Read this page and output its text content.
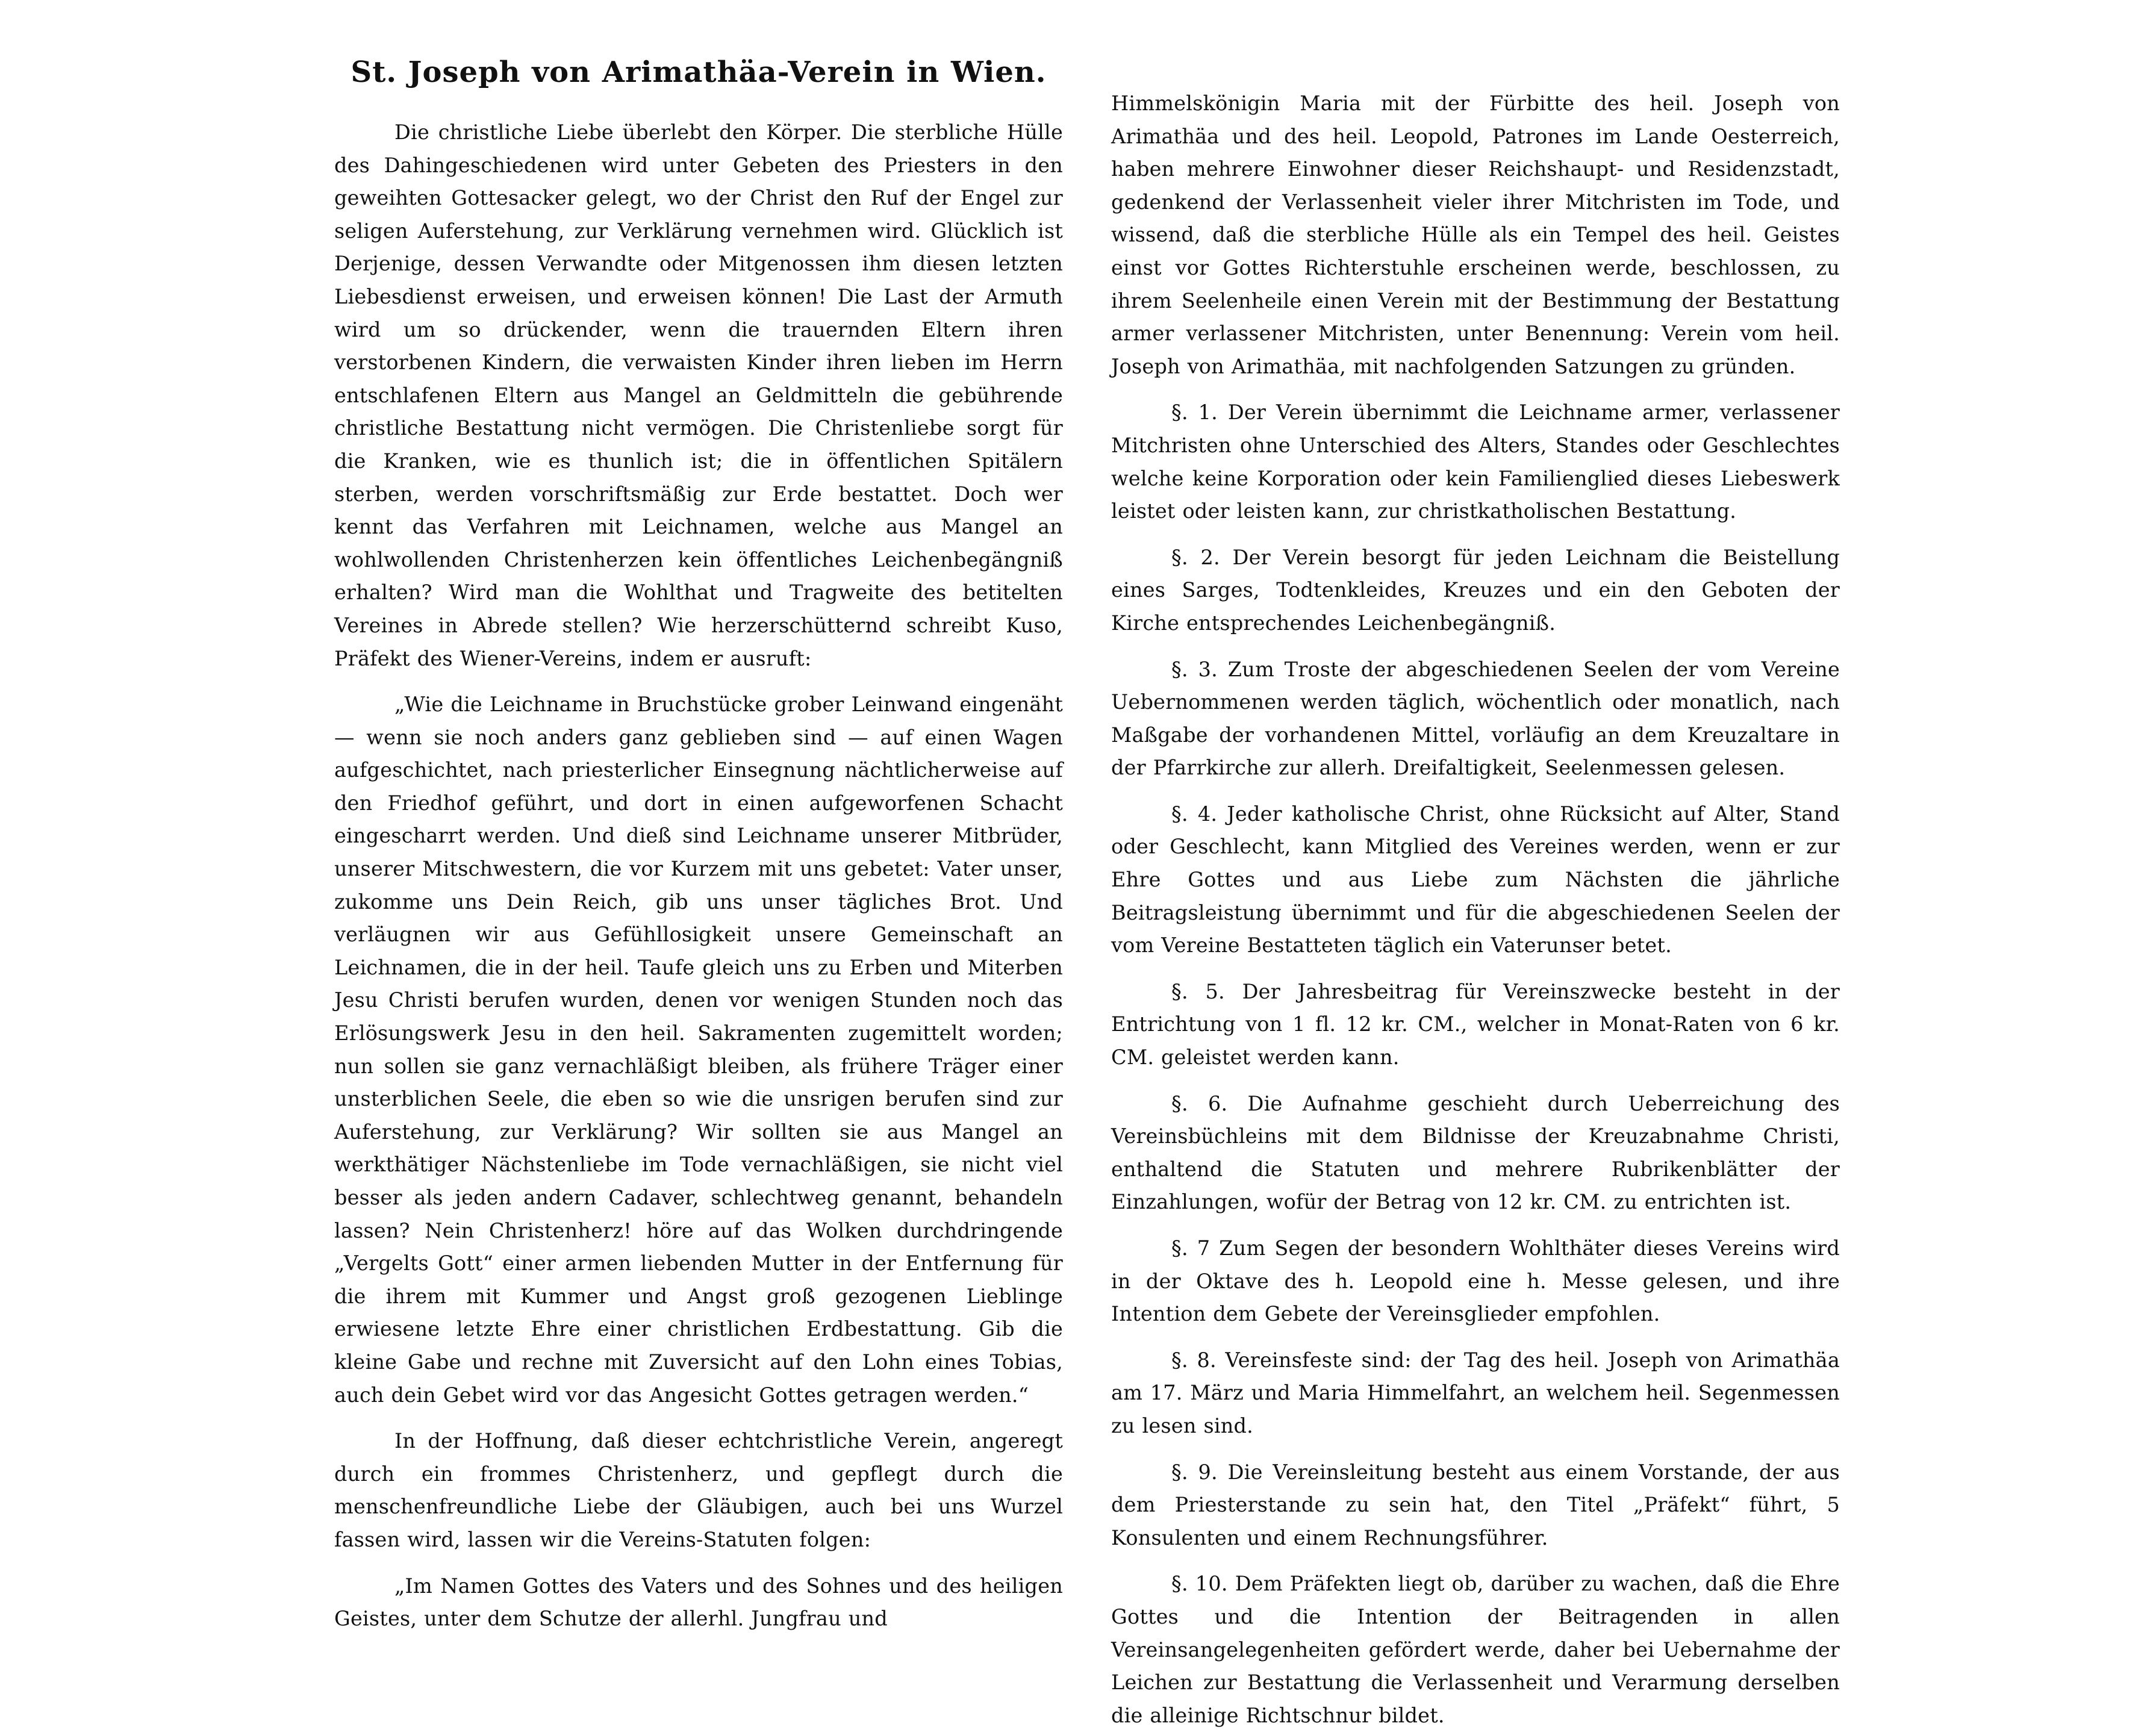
St. Joseph von Arimathäa-Verein in Wien.

Die christliche Liebe überlebt den Körper. Die sterbliche Hülle des Dahingeschiedenen wird unter Gebeten des Priesters in den geweihten Gottesacker gelegt, wo der Christ den Ruf der Engel zur seligen Auferstehung, zur Verklärung vernehmen wird. Glücklich ist Derjenige, dessen Verwandte oder Mitgenossen ihm diesen letzten Liebesdienst erweisen, und erweisen können! Die Last der Armuth wird um so drückender, wenn die trauernden Eltern ihren verstorbenen Kindern, die verwaisten Kinder ihren lieben im Herrn entschlafenen Eltern aus Mangel an Geldmitteln die gebührende christliche Bestattung nicht vermögen. Die Christenliebe sorgt für die Kranken, wie es thunlich ist; die in öffentlichen Spitälern sterben, werden vorschriftsmäßig zur Erde bestattet. Doch wer kennt das Verfahren mit Leichnamen, welche aus Mangel an wohlwollenden Christenherzen kein öffentliches Leichenbegängniß erhalten? Wird man die Wohlthat und Tragweite des betitelten Vereines in Abrede stellen? Wie herzerschütternd schreibt Kuso, Präfekt des Wiener-Vereins, indem er ausruft:

„Wie die Leichname in Bruchstücke grober Leinwand eingenäht — wenn sie noch anders ganz geblieben sind — auf einen Wagen aufgeschichtet, nach priesterlicher Einsegnung nächtlicherweise auf den Friedhof geführt, und dort in einen aufgeworfenen Schacht eingescharrt werden. Und dieß sind Leichname unserer Mitbrüder, unserer Mitschwestern, die vor Kurzem mit uns gebetet: Vater unser, zukomme uns Dein Reich, gib uns unser tägliches Brot. Und verläugnen wir aus Gefühllosigkeit unsere Gemeinschaft an Leichnamen, die in der heil. Taufe gleich uns zu Erben und Miterben Jesu Christi berufen wurden, denen vor wenigen Stunden noch das Erlösungswerk Jesu in den heil. Sakramenten zugemittelt worden; nun sollen sie ganz vernachläßigt bleiben, als frühere Träger einer unsterblichen Seele, die eben so wie die unsrigen berufen sind zur Auferstehung, zur Verklärung? Wir sollten sie aus Mangel an werkthätiger Nächstenliebe im Tode vernachläßigen, sie nicht viel besser als jeden andern Cadaver, schlechtweg genannt, behandeln lassen? Nein Christenherz! höre auf das Wolken durchdringende „Vergelts Gott“ einer armen liebenden Mutter in der Entfernung für die ihrem mit Kummer und Angst groß gezogenen Lieblinge erwiesene letzte Ehre einer christlichen Erdbestattung. Gib die kleine Gabe und rechne mit Zuversicht auf den Lohn eines Tobias, auch dein Gebet wird vor das Angesicht Gottes getragen werden.“

In der Hoffnung, daß dieser echtchristliche Verein, angeregt durch ein frommes Christenherz, und gepflegt durch die menschenfreundliche Liebe der Gläubigen, auch bei uns Wurzel fassen wird, lassen wir die Vereins-Statuten folgen:

„Im Namen Gottes des Vaters und des Sohnes und des heiligen Geistes, unter dem Schutze der allerhl. Jungfrau und

Himmelskönigin Maria mit der Fürbitte des heil. Joseph von Arimathäa und des heil. Leopold, Patrones im Lande Oesterreich, haben mehrere Einwohner dieser Reichshaupt- und Residenzstadt, gedenkend der Verlassenheit vieler ihrer Mitchristen im Tode, und wissend, daß die sterbliche Hülle als ein Tempel des heil. Geistes einst vor Gottes Richterstuhle erscheinen werde, beschlossen, zu ihrem Seelenheile einen Verein mit der Bestimmung der Bestattung armer verlassener Mitchristen, unter Benennung: Verein vom heil. Joseph von Arimathäa, mit nachfolgenden Satzungen zu gründen.

§. 1. Der Verein übernimmt die Leichname armer, verlassener Mitchristen ohne Unterschied des Alters, Standes oder Geschlechtes welche keine Korporation oder kein Familienglied dieses Liebeswerk leistet oder leisten kann, zur christkatholischen Bestattung.

§. 2. Der Verein besorgt für jeden Leichnam die Beistellung eines Sarges, Todtenkleides, Kreuzes und ein den Geboten der Kirche entsprechendes Leichenbegängniß.

§. 3. Zum Troste der abgeschiedenen Seelen der vom Vereine Uebernommenen werden täglich, wöchentlich oder monatlich, nach Maßgabe der vorhandenen Mittel, vorläufig an dem Kreuzaltare in der Pfarrkirche zur allerh. Dreifaltigkeit, Seelenmessen gelesen.

§. 4. Jeder katholische Christ, ohne Rücksicht auf Alter, Stand oder Geschlecht, kann Mitglied des Vereines werden, wenn er zur Ehre Gottes und aus Liebe zum Nächsten die jährliche Beitragsleistung übernimmt und für die abgeschiedenen Seelen der vom Vereine Bestatteten täglich ein Vaterunser betet.

§. 5. Der Jahresbeitrag für Vereinszwecke besteht in der Entrichtung von 1 fl. 12 kr. CM., welcher in Monat-Raten von 6 kr. CM. geleistet werden kann.

§. 6. Die Aufnahme geschieht durch Ueberreichung des Vereinsbüchleins mit dem Bildnisse der Kreuzabnahme Christi, enthaltend die Statuten und mehrere Rubrikenblätter der Einzahlungen, wofür der Betrag von 12 kr. CM. zu entrichten ist.

§. 7 Zum Segen der besondern Wohlthäter dieses Vereins wird in der Oktave des h. Leopold eine h. Messe gelesen, und ihre Intention dem Gebete der Vereinsglieder empfohlen.

§. 8. Vereinsfeste sind: der Tag des heil. Joseph von Arimathäa am 17. März und Maria Himmelfahrt, an welchem heil. Segenmessen zu lesen sind.

§. 9. Die Vereinsleitung besteht aus einem Vorstande, der aus dem Priesterstande zu sein hat, den Titel „Präfekt“ führt, 5 Konsulenten und einem Rechnungsführer.

§. 10. Dem Präfekten liegt ob, darüber zu wachen, daß die Ehre Gottes und die Intention der Beitragenden in allen Vereinsangelegenheiten gefördert werde, daher bei Uebernahme der Leichen zur Bestattung die Verlassenheit und Verarmung derselben die alleinige Richtschnur bildet.
